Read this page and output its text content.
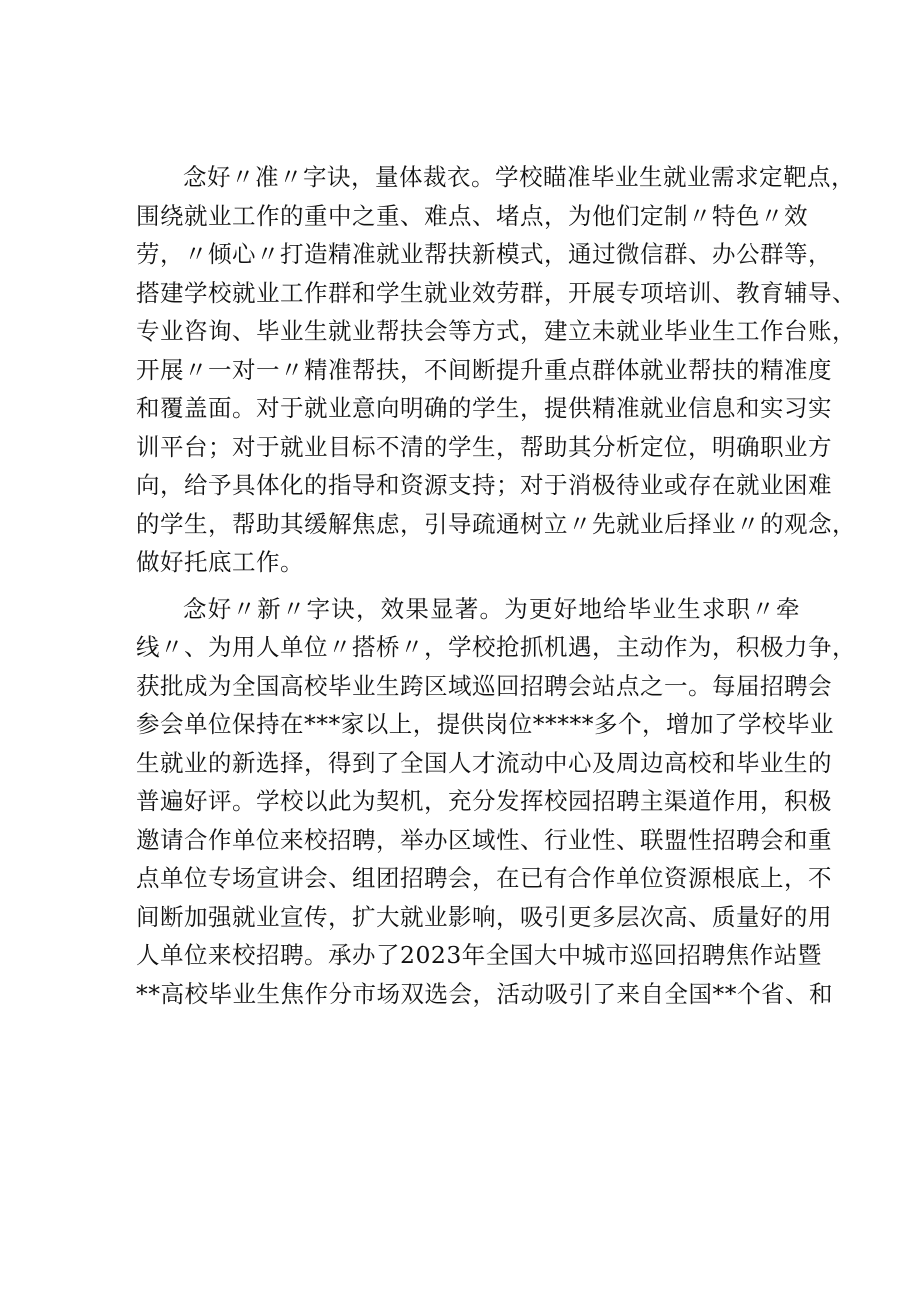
念好〃准〃字诀，量体裁衣。学校瞄准毕业生就业需求定靶点，
围绕就业工作的重中之重、难点、堵点，为他们定制〃特色〃效
劳，〃倾心〃打造精准就业帮扶新模式，通过微信群、办公群等，
搭建学校就业工作群和学生就业效劳群，开展专项培训、教育辅导、
专业咨询、毕业生就业帮扶会等方式，建立未就业毕业生工作台账，
开展〃一对一〃精准帮扶，不间断提升重点群体就业帮扶的精准度
和覆盖面。对于就业意向明确的学生，提供精准就业信息和实习实
训平台；对于就业目标不清的学生，帮助其分析定位，明确职业方
向，给予具体化的指导和资源支持；对于消极待业或存在就业困难
的学生，帮助其缓解焦虑，引导疏通树立〃先就业后择业〃的观念，
做好托底工作。
念好〃新〃字诀，效果显著。为更好地给毕业生求职〃牵
线〃、为用人单位〃搭桥〃，学校抢抓机遇，主动作为，积极力争，
获批成为全国高校毕业生跨区域巡回招聘会站点之一。每届招聘会
参会单位保持在***家以上，提供岗位*****多个，增加了学校毕业
生就业的新选择，得到了全国人才流动中心及周边高校和毕业生的
普遍好评。学校以此为契机，充分发挥校园招聘主渠道作用，积极
邀请合作单位来校招聘，举办区域性、行业性、联盟性招聘会和重
点单位专场宣讲会、组团招聘会，在已有合作单位资源根底上，不
间断加强就业宣传，扩大就业影响，吸引更多层次高、质量好的用
人单位来校招聘。承办了2023年全国大中城市巡回招聘焦作站暨
**高校毕业生焦作分市场双选会，活动吸引了来自全国**个省、和
